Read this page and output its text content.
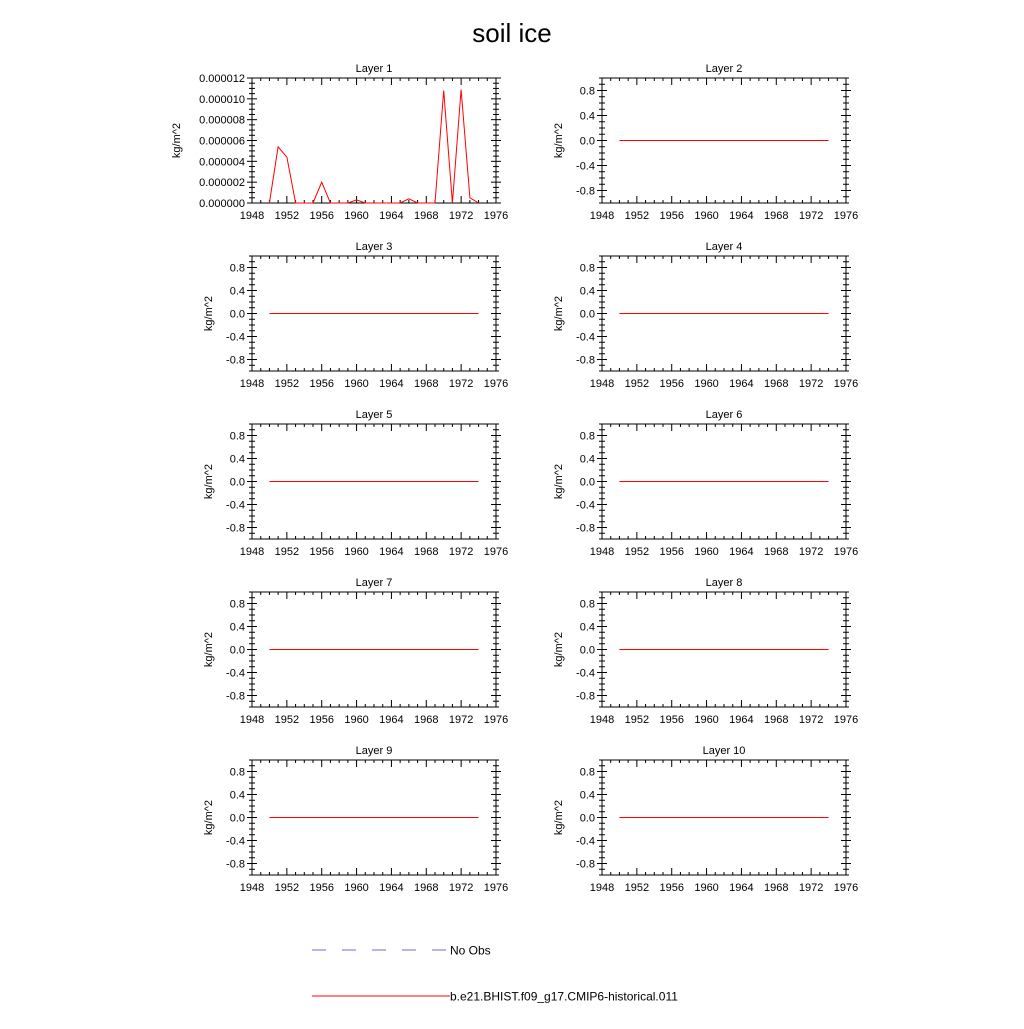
soil ice
Layer 1
1948 1952 1956 1960 1964 1968 1972 1976
0.000000
0.000002
0.000004
0.000006
0.000008
0.000010
0.000012
kg/m^2
Layer 2
1948 1952 1956 1960 1964 1968 1972 1976
-0.8
-0.4
0.0
0.4
0.8
kg/m^2
Layer 3
1948 1952 1956 1960 1964 1968 1972 1976
-0.8
-0.4
0.0
0.4
0.8
kg/m^2
Layer 4
1948 1952 1956 1960 1964 1968 1972 1976
-0.8
-0.4
0.0
0.4
0.8
kg/m^2
Layer 5
1948 1952 1956 1960 1964 1968 1972 1976
-0.8
-0.4
0.0
0.4
0.8
kg/m^2
Layer 6
1948 1952 1956 1960 1964 1968 1972 1976
-0.8
-0.4
0.0
0.4
0.8
kg/m^2
Layer 7
1948 1952 1956 1960 1964 1968 1972 1976
-0.8
-0.4
0.0
0.4
0.8
kg/m^2
Layer 8
1948 1952 1956 1960 1964 1968 1972 1976
-0.8
-0.4
0.0
0.4
0.8
kg/m^2
Layer 9
1948 1952 1956 1960 1964 1968 1972 1976
-0.8
-0.4
0.0
0.4
0.8
kg/m^2
Layer 10
1948 1952 1956 1960 1964 1968 1972 1976
-0.8
-0.4
0.0
0.4
0.8
kg/m^2
No Obs
b.e21.BHIST.f09_g17.CMIP6-historical.011
